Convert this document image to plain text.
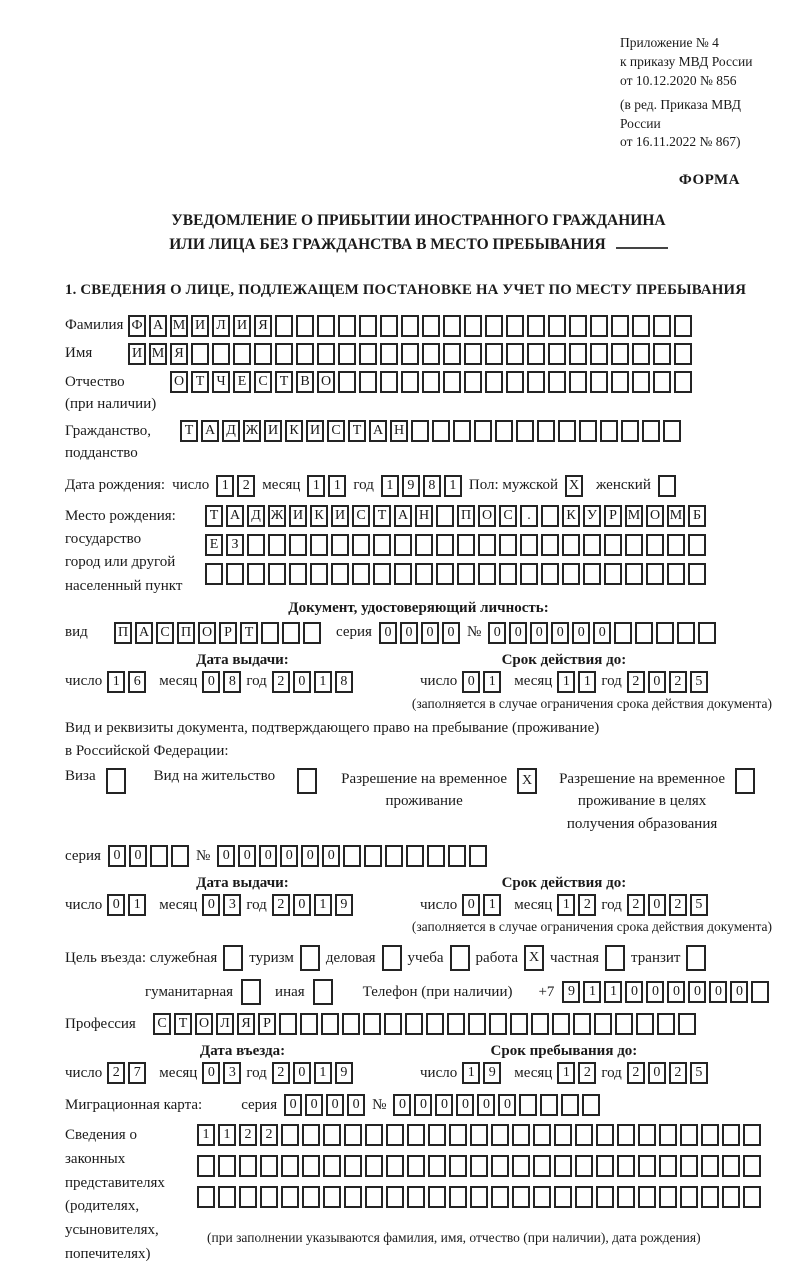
Приложение № 4
к приказу МВД России
от 10.12.2020 № 856
(в ред. Приказа МВД России
от 16.11.2022 № 867)
ФОРМА
УВЕДОМЛЕНИЕ О ПРИБЫТИИ ИНОСТРАННОГО ГРАЖДАНИНА
ИЛИ ЛИЦА БЕЗ ГРАЖДАНСТВА В МЕСТО ПРЕБЫВАНИЯ
1. СВЕДЕНИЯ О ЛИЦЕ, ПОДЛЕЖАЩЕМ ПОСТАНОВКЕ НА УЧЕТ ПО МЕСТУ ПРЕБЫВАНИЯ
Фамилия Ф А М И Л И Я
Имя	И М Я
Отчество
(при наличии)
О Т Ч Е С Т В О
Гражданство,
подданство
Т А Д Ж И К И С Т А Н
Дата рождения: число 1	2 месяц 1	1 год 1	9	8	1 Пол: мужской X женский
Место рождения:
государство
город или другой
населенный пункт
Т А Д Ж И К И С Т А Н П О С	.	К У Р М О М Б
Е З
Документ, удостоверяющий личность:
вид	П А С П О Р Т	серия 0	0	0	0 № 0	0	0	0	0	0
Дата выдачи:
число 1	6	месяц 0	8 год 2	0	1	8
Срок действия до:
число 0	1	месяц 1	1 год 2	0	2	5
(заполняется в случае ограничения срока действия документа)
Вид и реквизиты документа, подтверждающего право на пребывание (проживание)
в Российской Федерации:
Виза	Вид на жительство	Разрешение на временное
проживание
X	Разрешение на временное
проживание в целях
получения образования
серия 0	0	№ 0	0	0	0	0	0
Дата выдачи:
число 0	1	месяц 0	3 год 2	0	1	9
Срок действия до:
число 0	1	месяц 1	2 год 2	0	2	5
(заполняется в случае ограничения срока действия документа)
Цель въезда: служебная туризм деловая учеба работа X частная транзит
гуманитарная	иная	Телефон (при наличии) +7 9	1	1	0	0	0	0	0	0
Профессия	С Т О Л Я Р
Дата въезда:
число 2	7	месяц 0	3 год 2	0	1	9
Срок пребывания до:
число 1	9	месяц 1	2 год 2	0	2	5
Миграционная карта:	серия 0	0	0	0 № 0	0	0	0	0	0
Сведения о
законных
представителях
(родителях,
усыновителях,
попечителях)
1	1	2	2
(при заполнении указываются фамилия, имя, отчество (при наличии), дата рождения)
